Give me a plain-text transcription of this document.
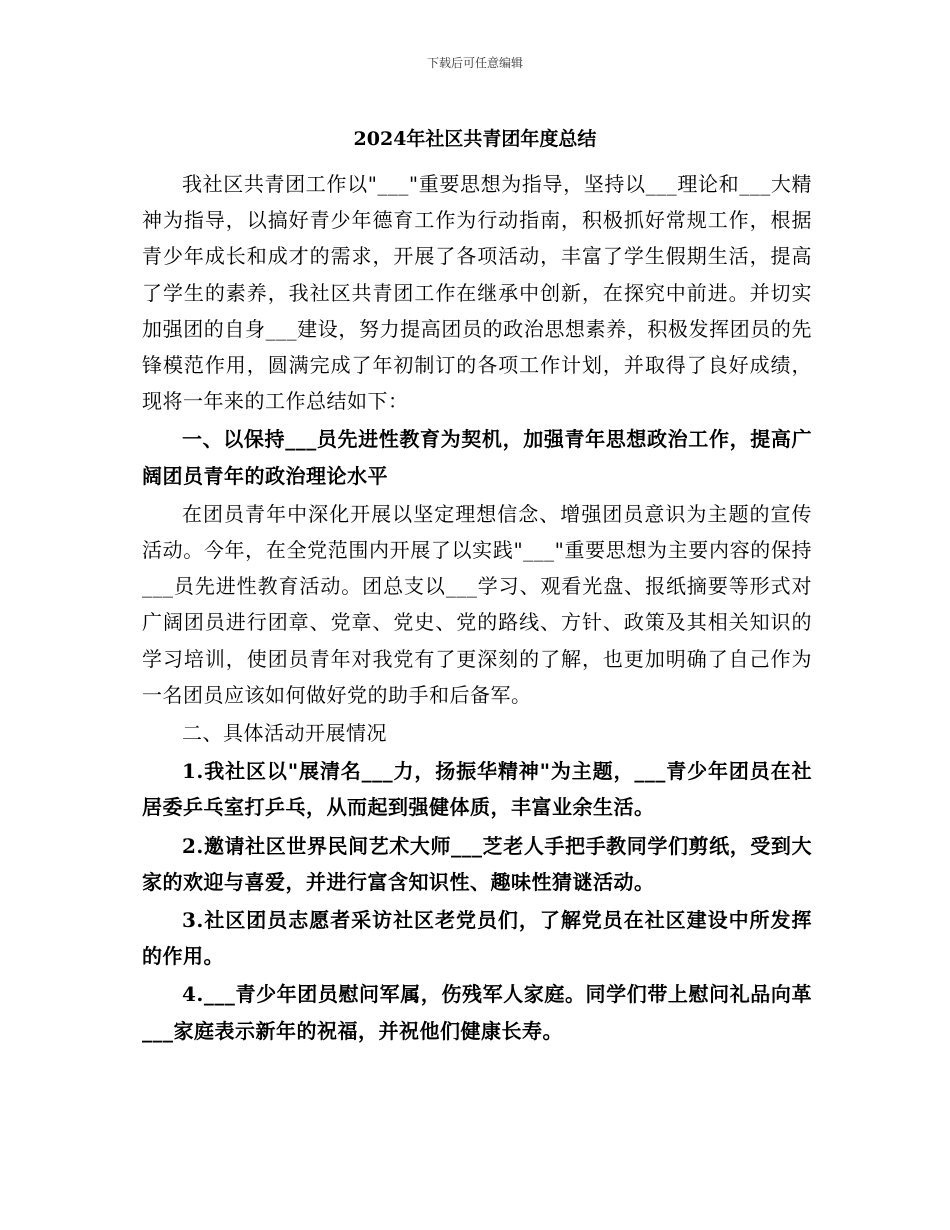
下载后可任意编辑
2024年社区共青团年度总结

我社区共青团工作以"___"重要思想为指导，坚持以___理论和___大精神为指导，以搞好青少年德育工作为行动指南，积极抓好常规工作，根据青少年成长和成才的需求，开展了各项活动，丰富了学生假期生活，提高了学生的素养，我社区共青团工作在继承中创新，在探究中前进。并切实加强团的自身___建设，努力提高团员的政治思想素养，积极发挥团员的先锋模范作用，圆满完成了年初制订的各项工作计划，并取得了良好成绩，现将一年来的工作总结如下：

一、以保持___员先进性教育为契机，加强青年思想政治工作，提高广阔团员青年的政治理论水平

在团员青年中深化开展以坚定理想信念、增强团员意识为主题的宣传活动。今年，在全党范围内开展了以实践"___"重要思想为主要内容的保持___员先进性教育活动。团总支以___学习、观看光盘、报纸摘要等形式对广阔团员进行团章、党章、党史、党的路线、方针、政策及其相关知识的学习培训，使团员青年对我党有了更深刻的了解，也更加明确了自己作为一名团员应该如何做好党的助手和后备军。

二、具体活动开展情况

1.我社区以"展清名___力，扬振华精神"为主题，___青少年团员在社居委乒乓室打乒乓，从而起到强健体质，丰富业余生活。

2.邀请社区世界民间艺术大师___芝老人手把手教同学们剪纸，受到大家的欢迎与喜爱，并进行富含知识性、趣味性猜谜活动。

3.社区团员志愿者采访社区老党员们，了解党员在社区建设中所发挥的作用。

4.___青少年团员慰问军属，伤残军人家庭。同学们带上慰问礼品向革___家庭表示新年的祝福，并祝他们健康长寿。
